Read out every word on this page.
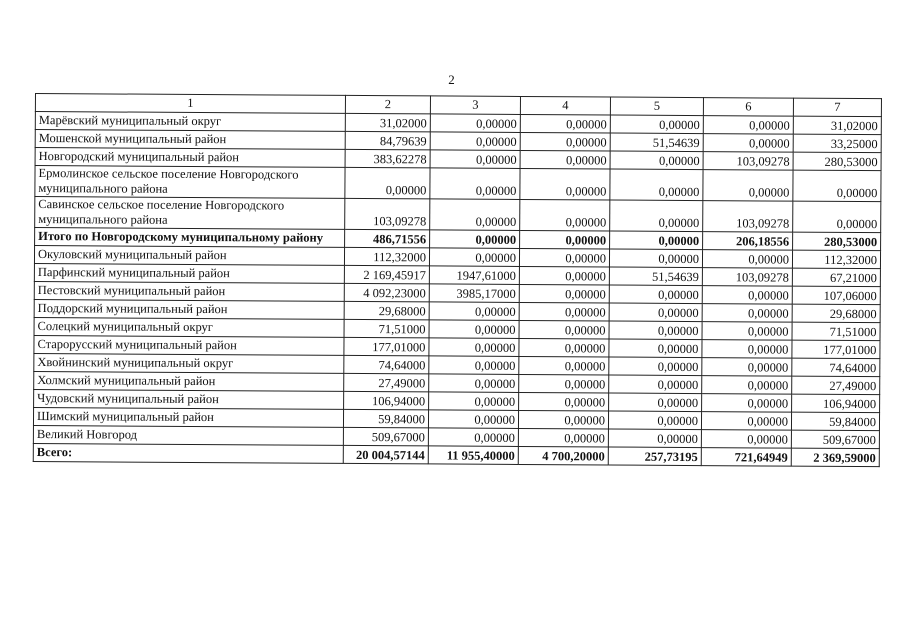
2
1	2	3	4	5	6	7
Марёвский муниципальный округ	31,02000	0,00000	0,00000	0,00000	0,00000	31,02000
Мошенской муниципальный район	84,79639	0,00000	0,00000	51,54639	0,00000	33,25000
Новгородский муниципальный район	383,62278	0,00000	0,00000	0,00000	103,09278	280,53000
Ермолинское сельское поселение Новгородского муниципального района	0,00000	0,00000	0,00000	0,00000	0,00000	0,00000
Савинское сельское поселение Новгородского муниципального района	103,09278	0,00000	0,00000	0,00000	103,09278	0,00000
Итого по Новгородскому муниципальному району	486,71556	0,00000	0,00000	0,00000	206,18556	280,53000
Окуловский муниципальный район	112,32000	0,00000	0,00000	0,00000	0,00000	112,32000
Парфинский муниципальный район	2 169,45917	1947,61000	0,00000	51,54639	103,09278	67,21000
Пестовский муниципальный район	4 092,23000	3985,17000	0,00000	0,00000	0,00000	107,06000
Поддорский муниципальный район	29,68000	0,00000	0,00000	0,00000	0,00000	29,68000
Солецкий муниципальный округ	71,51000	0,00000	0,00000	0,00000	0,00000	71,51000
Старорусский муниципальный район	177,01000	0,00000	0,00000	0,00000	0,00000	177,01000
Хвойнинский муниципальный округ	74,64000	0,00000	0,00000	0,00000	0,00000	74,64000
Холмский муниципальный район	27,49000	0,00000	0,00000	0,00000	0,00000	27,49000
Чудовский муниципальный район	106,94000	0,00000	0,00000	0,00000	0,00000	106,94000
Шимский муниципальный район	59,84000	0,00000	0,00000	0,00000	0,00000	59,84000
Великий Новгород	509,67000	0,00000	0,00000	0,00000	0,00000	509,67000
Всего:	20 004,57144	11 955,40000	4 700,20000	257,73195	721,64949	2 369,59000
